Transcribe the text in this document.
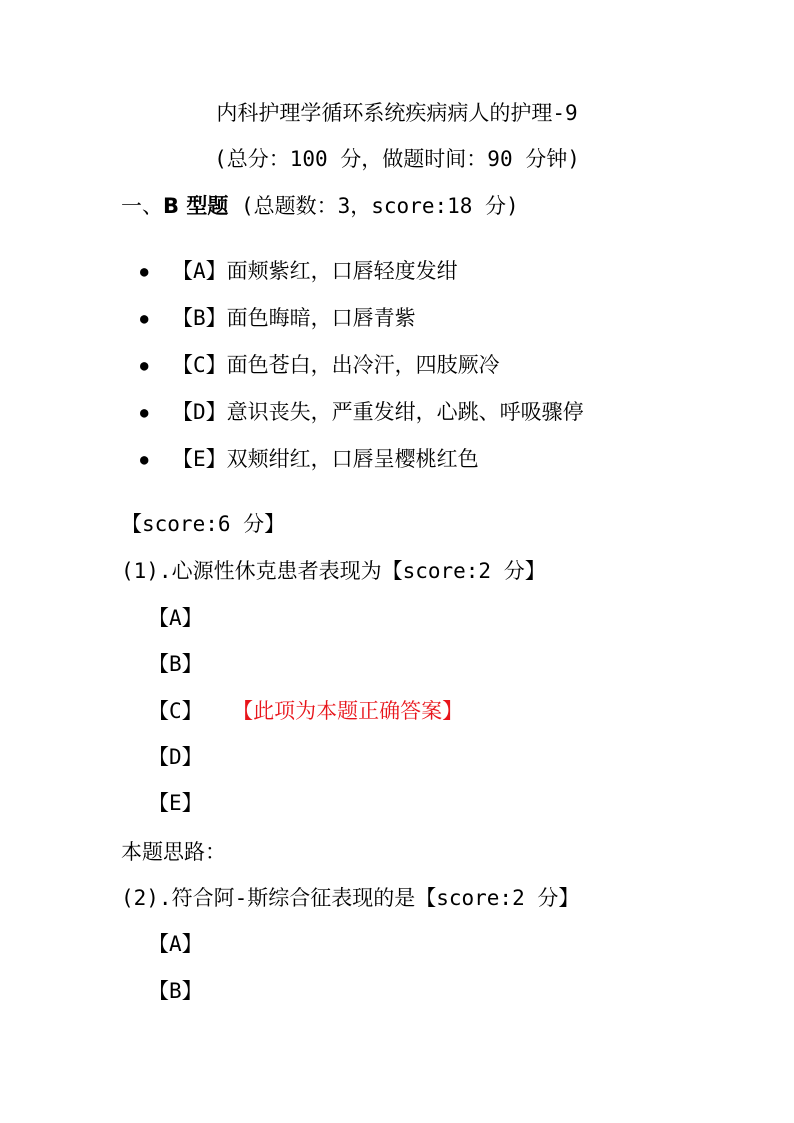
内科护理学循环系统疾病病人的护理-9
(总分：100 分，做题时间：90 分钟)
一、B 型题 (总题数：3，score:18 分)
●	【A】面颊紫红，口唇轻度发绀
●	【B】面色晦暗，口唇青紫
●	【C】面色苍白，出冷汗，四肢厥冷
●	【D】意识丧失，严重发绀，心跳、呼吸骤停
●	【E】双颊绀红，口唇呈樱桃红色
【score:6 分】
(1).心源性休克患者表现为【score:2 分】
【A】
【B】
【C】 【此项为本题正确答案】
【D】
【E】
本题思路：
(2).符合阿-斯综合征表现的是【score:2 分】
【A】
【B】
